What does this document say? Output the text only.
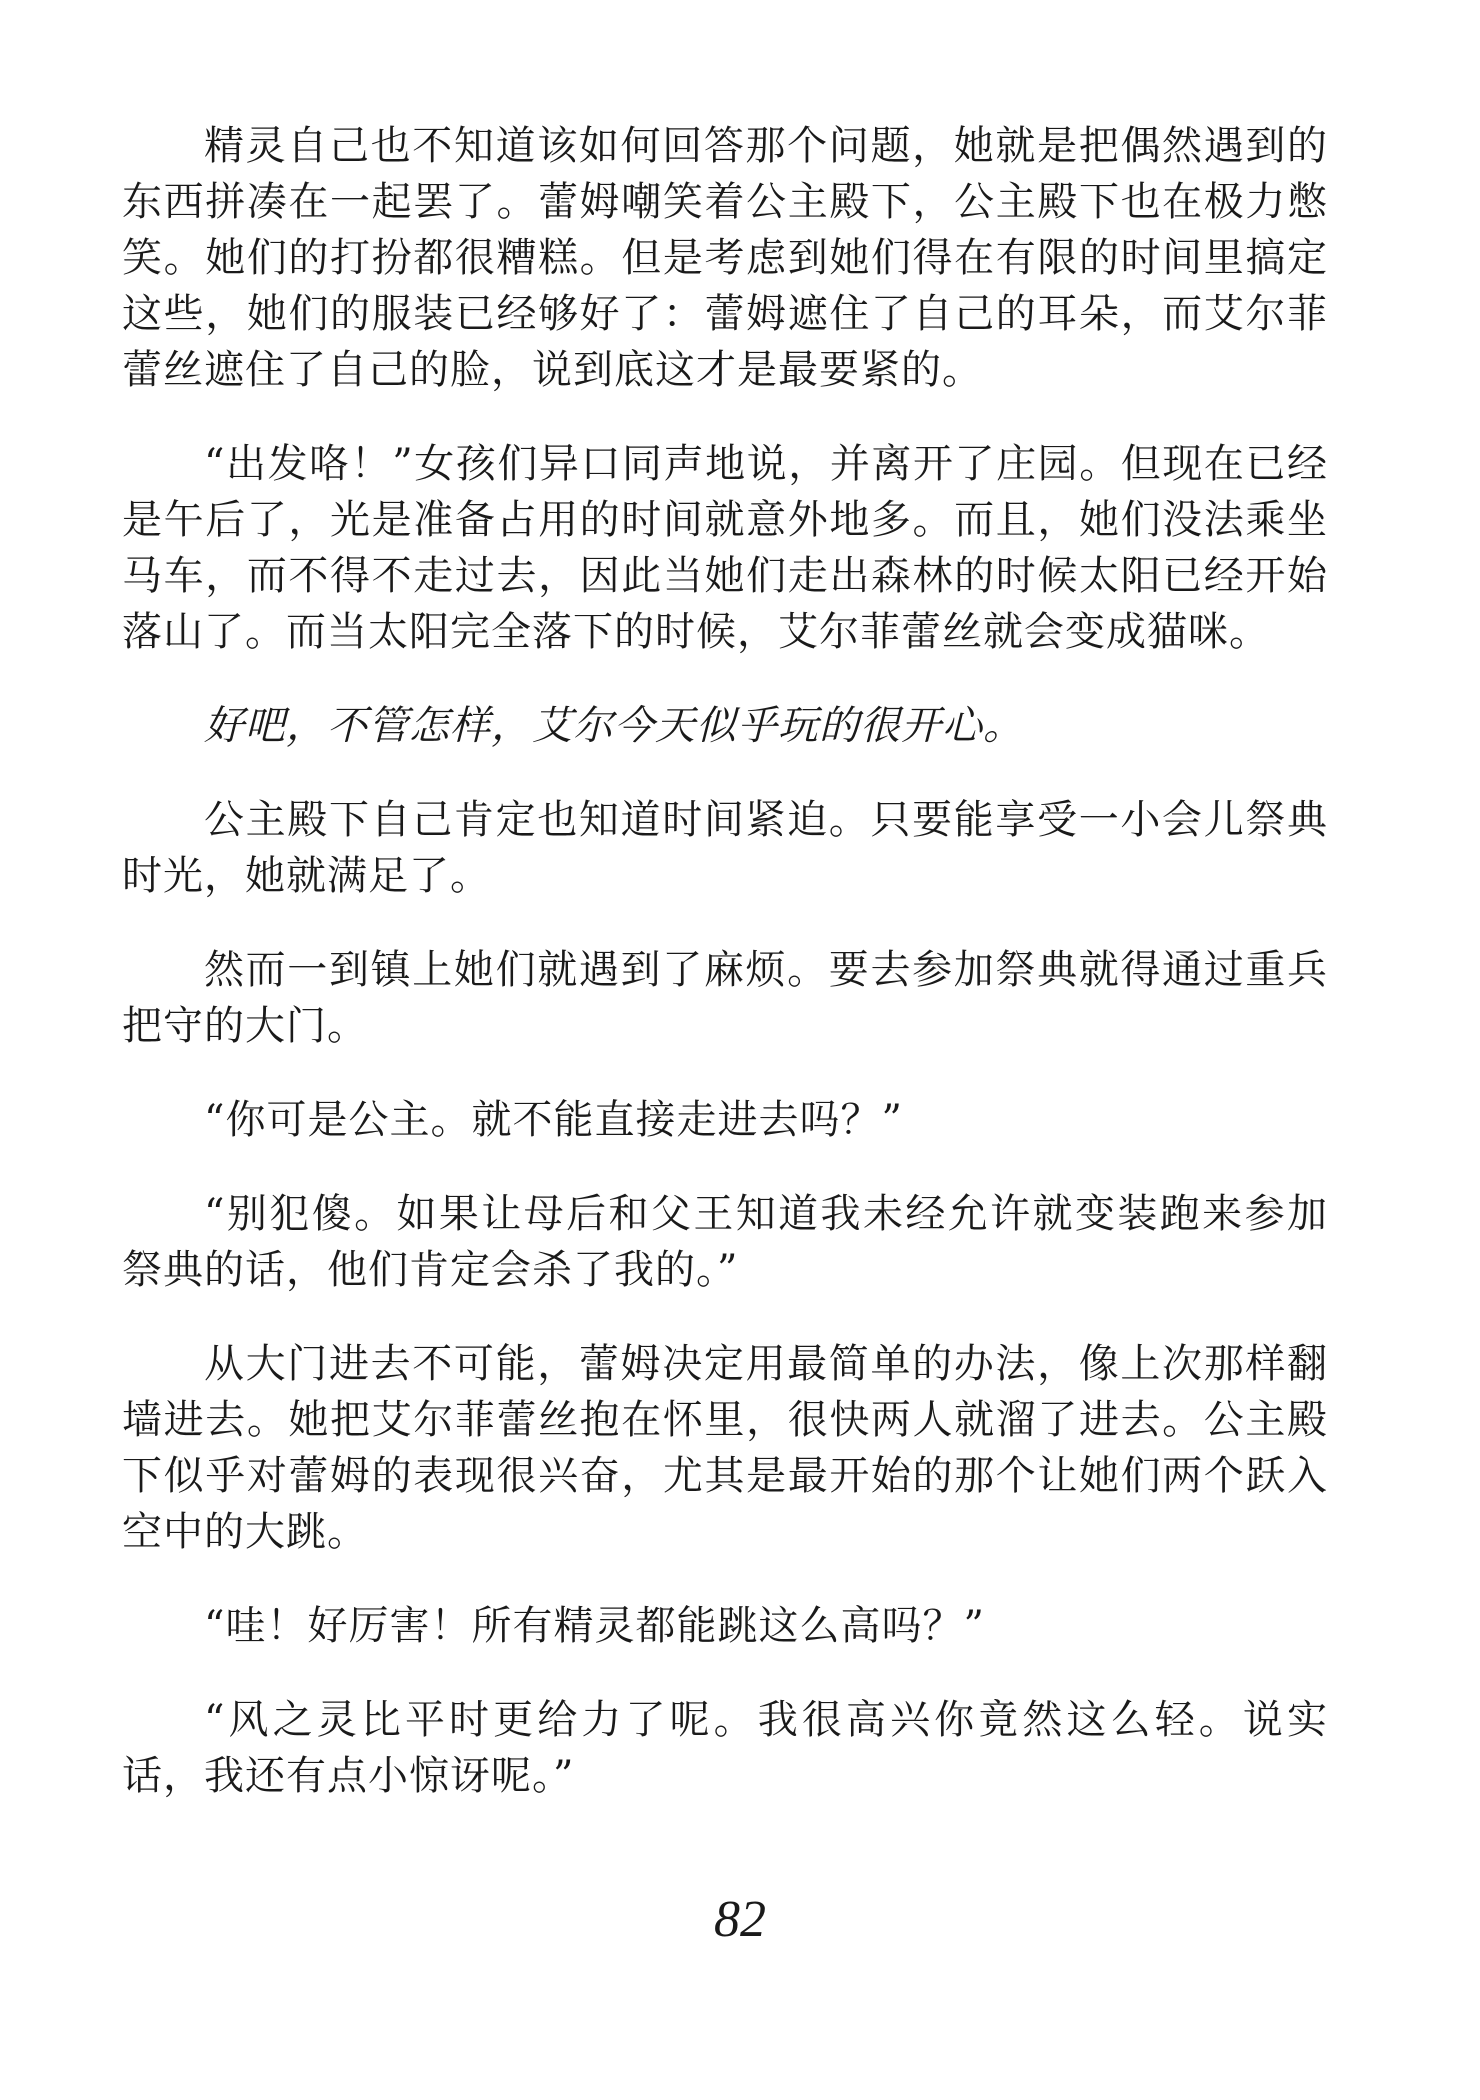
精灵自己也不知道该如何回答那个问题，她就是把偶然遇到的东西拼凑在一起罢了。蕾姆嘲笑着公主殿下，公主殿下也在极力憋笑。她们的打扮都很糟糕。但是考虑到她们得在有限的时间里搞定这些，她们的服装已经够好了：蕾姆遮住了自己的耳朵，而艾尔菲蕾丝遮住了自己的脸，说到底这才是最要紧的。

“出发咯！”女孩们异口同声地说，并离开了庄园。但现在已经是午后了，光是准备占用的时间就意外地多。而且，她们没法乘坐马车，而不得不走过去，因此当她们走出森林的时候太阳已经开始落山了。而当太阳完全落下的时候，艾尔菲蕾丝就会变成猫咪。

好吧，不管怎样，艾尔今天似乎玩的很开心。

公主殿下自己肯定也知道时间紧迫。只要能享受一小会儿祭典时光，她就满足了。

然而一到镇上她们就遇到了麻烦。要去参加祭典就得通过重兵把守的大门。

“你可是公主。就不能直接走进去吗？”

“别犯傻。如果让母后和父王知道我未经允许就变装跑来参加祭典的话，他们肯定会杀了我的。”

从大门进去不可能，蕾姆决定用最简单的办法，像上次那样翻墙进去。她把艾尔菲蕾丝抱在怀里，很快两人就溜了进去。公主殿下似乎对蕾姆的表现很兴奋，尤其是最开始的那个让她们两个跃入空中的大跳。

“哇！好厉害！所有精灵都能跳这么高吗？”

“风之灵比平时更给力了呢。我很高兴你竟然这么轻。说实话，我还有点小惊讶呢。”

82
